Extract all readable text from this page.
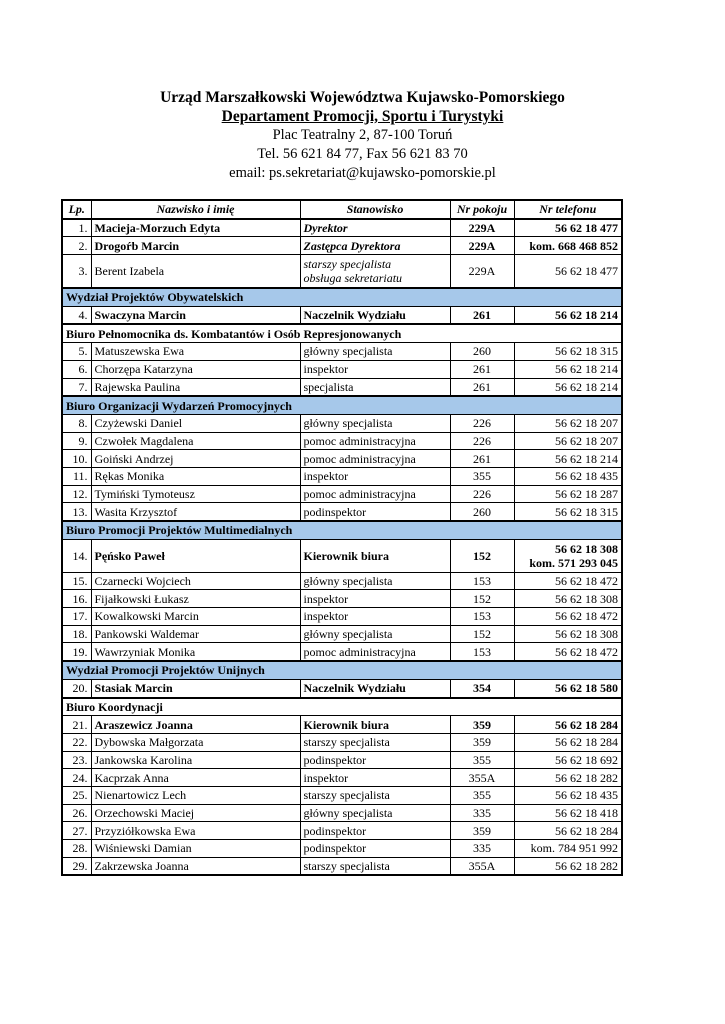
Urząd Marszałkowski Województwa Kujawsko-Pomorskiego
Departament Promocji, Sportu i Turystyki
Plac Teatralny 2, 87-100 Toruń
Tel. 56 621 84 77, Fax 56 621 83 70
email: ps.sekretariat@kujawsko-pomorskie.pl
Lp.	Nazwisko i imię	Stanowisko	Nr pokoju	Nr telefonu
1.	Macieja-Morzuch Edyta	Dyrektor	229A	56 62 18 477
2.	Drogoŕb Marcin	Zastępca Dyrektora	229A	kom. 668 468 852
3.	Berent Izabela	starszy specjalista
obsługa sekretariatu	229A	56 62 18 477
Wydział Projektów Obywatelskich				
4.	Swaczyna Marcin	Naczelnik Wydziału	261	56 62 18 214
Biuro Pełnomocnika ds. Kombatantów i Osób Represjonowanych				
5.	Matuszewska Ewa	główny specjalista	260	56 62 18 315
6.	Chorzępa Katarzyna	inspektor	261	56 62 18 214
7.	Rajewska Paulina	specjalista	261	56 62 18 214
Biuro Organizacji Wydarzeń Promocyjnych				
8.	Czyżewski Daniel	główny specjalista	226	56 62 18 207
9.	Czwołek Magdalena	pomoc administracyjna	226	56 62 18 207
10.	Goiński Andrzej	pomoc administracyjna	261	56 62 18 214
11.	Rękas Monika	inspektor	355	56 62 18 435
12.	Tymiński Tymoteusz	pomoc administracyjna	226	56 62 18 287
13.	Wasita Krzysztof	podinspektor	260	56 62 18 315
Biuro Promocji Projektów Multimedialnych				
14.	Pęńsko Paweł	Kierownik biura	152	56 62 18 308
kom. 571 293 045

15.	Czarnecki Wojciech	główny specjalista	153	56 62 18 472
16.	Fijałkowski Łukasz	inspektor	152	56 62 18 308
17.	Kowalkowski Marcin	inspektor	153	56 62 18 472
18.	Pankowski Waldemar	główny specjalista	152	56 62 18 308
19.	Wawrzyniak Monika	pomoc administracyjna	153	56 62 18 472
Wydział Promocji Projektów Unijnych				
20.	Stasiak Marcin	Naczelnik Wydziału	354	56 62 18 580
Biuro Koordynacji				
21.	Araszewicz Joanna	Kierownik biura	359	56 62 18 284
22.	Dybowska Małgorzata	starszy specjalista	359	56 62 18 284
23.	Jankowska Karolina	podinspektor	355	56 62 18 692
24.	Kacprzak Anna	inspektor	355A	56 62 18 282
25.	Nienartowicz Lech	starszy specjalista	355	56 62 18 435
26.	Orzechowski Maciej	główny specjalista	335	56 62 18 418
27.	Przyziółkowska Ewa	podinspektor	359	56 62 18 284
28.	Wiśniewski Damian	podinspektor	335	kom. 784 951 992
29.	Zakrzewska Joanna	starszy specjalista	355A	56 62 18 282
